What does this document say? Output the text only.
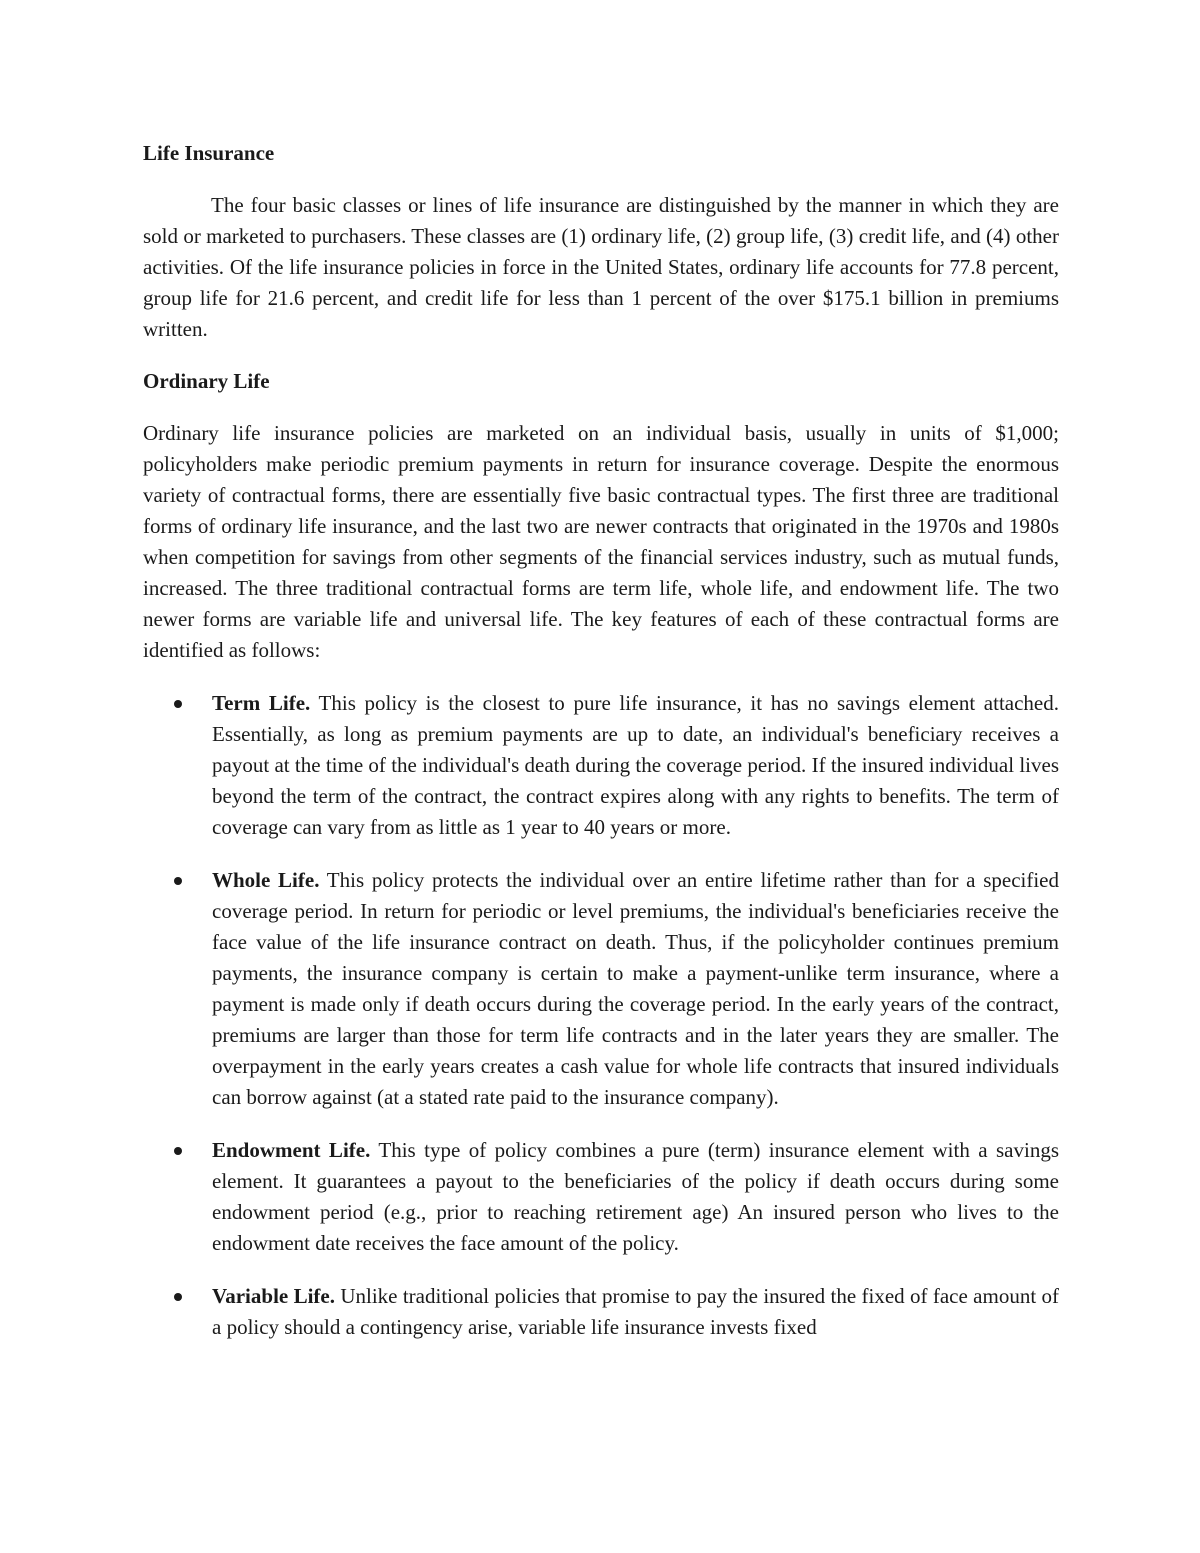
Life Insurance

The four basic classes or lines of life insurance are distinguished by the manner in which they are sold or marketed to purchasers. These classes are (1) ordinary life, (2) group life, (3) credit life, and (4) other activities. Of the life insurance policies in force in the United States, ordinary life accounts for 77.8 percent, group life for 21.6 percent, and credit life for less than 1 percent of the over $175.1 billion in premiums written.

Ordinary Life

Ordinary life insurance policies are marketed on an individual basis, usually in units of $1,000; policyholders make periodic premium payments in return for insurance coverage. Despite the enormous variety of contractual forms, there are essentially five basic contractual types. The first three are traditional forms of ordinary life insurance, and the last two are newer contracts that originated in the 1970s and 1980s when competition for savings from other segments of the financial services industry, such as mutual funds, increased. The three traditional contractual forms are term life, whole life, and endowment life. The two newer forms are variable life and universal life. The key features of each of these contractual forms are identified as follows:

Term Life. This policy is the closest to pure life insurance, it has no savings element attached. Essentially, as long as premium payments are up to date, an individual's beneficiary receives a payout at the time of the individual's death during the coverage period. If the insured individual lives beyond the term of the contract, the contract expires along with any rights to benefits. The term of coverage can vary from as little as 1 year to 40 years or more.
Whole Life. This policy protects the individual over an entire lifetime rather than for a specified coverage period. In return for periodic or level premiums, the individual's beneficiaries receive the face value of the life insurance contract on death. Thus, if the policyholder continues premium payments, the insurance company is certain to make a payment-unlike term insurance, where a payment is made only if death occurs during the coverage period. In the early years of the contract, premiums are larger than those for term life contracts and in the later years they are smaller. The overpayment in the early years creates a cash value for whole life contracts that insured individuals can borrow against (at a stated rate paid to the insurance company).
Endowment Life. This type of policy combines a pure (term) insurance element with a savings element. It guarantees a payout to the beneficiaries of the policy if death occurs during some endowment period (e.g., prior to reaching retirement age) An insured person who lives to the endowment date receives the face amount of the policy.
Variable Life. Unlike traditional policies that promise to pay the insured the fixed of face amount of a policy should a contingency arise, variable life insurance invests fixed
